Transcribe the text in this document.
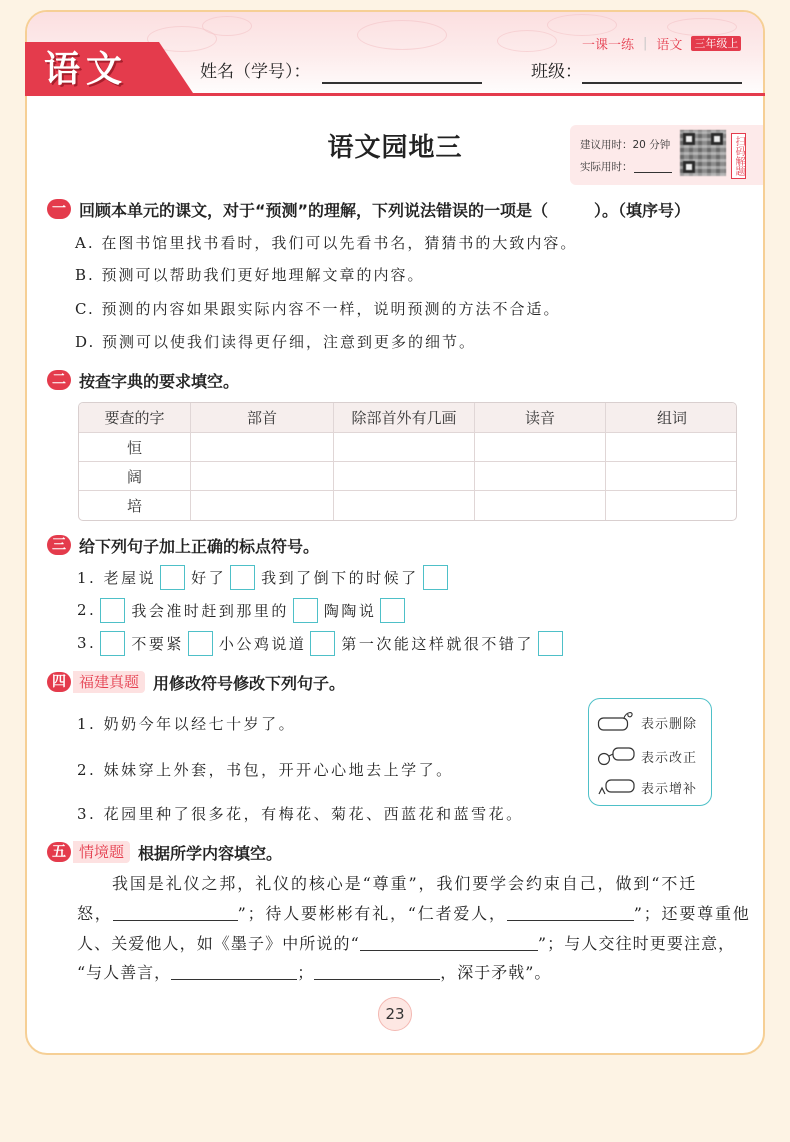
语文	姓名（学号）：	班级：
一课一练 | 语文 三年级上
语文园地三	建议用时：20 分钟
实际用时：	扫码解题
一 回顾本单元的课文，对于“预测”的理解，下列说法错误的一项是（	）。（填序号）
A. 在图书馆里找书看时，我们可以先看书名，猜猜书的大致内容。
B. 预测可以帮助我们更好地理解文章的内容。
C. 预测的内容如果跟实际内容不一样，说明预测的方法不合适。
D. 预测可以使我们读得更仔细，注意到更多的细节。
二 按查字典的要求填空。
要查的字	部首	除部首外有几画	读音	组词
恒				
阔				
培				
三 给下列句子加上正确的标点符号。
1. 老屋说 好了 我到了倒下的时候了
2. 我会准时赶到那里的 陶陶说
3. 不要紧 小公鸡说道 第一次能这样就很不错了
四 福建真题 用修改符号修改下列句子。
1. 奶奶今年以经七十岁了。
2. 妹妹穿上外套，书包，开开心心地去上学了。
3. 花园里种了很多花，有梅花、菊花、西蓝花和蓝雪花。
表示删除
表示改正
表示增补
五 情境题 根据所学内容填空。
我国是礼仪之邦，礼仪的核心是“尊重”，我们要学会约束自己，做到“不迁
怒，	”；待人要彬彬有礼，“仁者爱人，	”；还要尊重他
人、关爱他人，如《墨子》中所说的“	”；与人交往时更要注意，
“与人善言，	；	，深于矛戟”。
23
